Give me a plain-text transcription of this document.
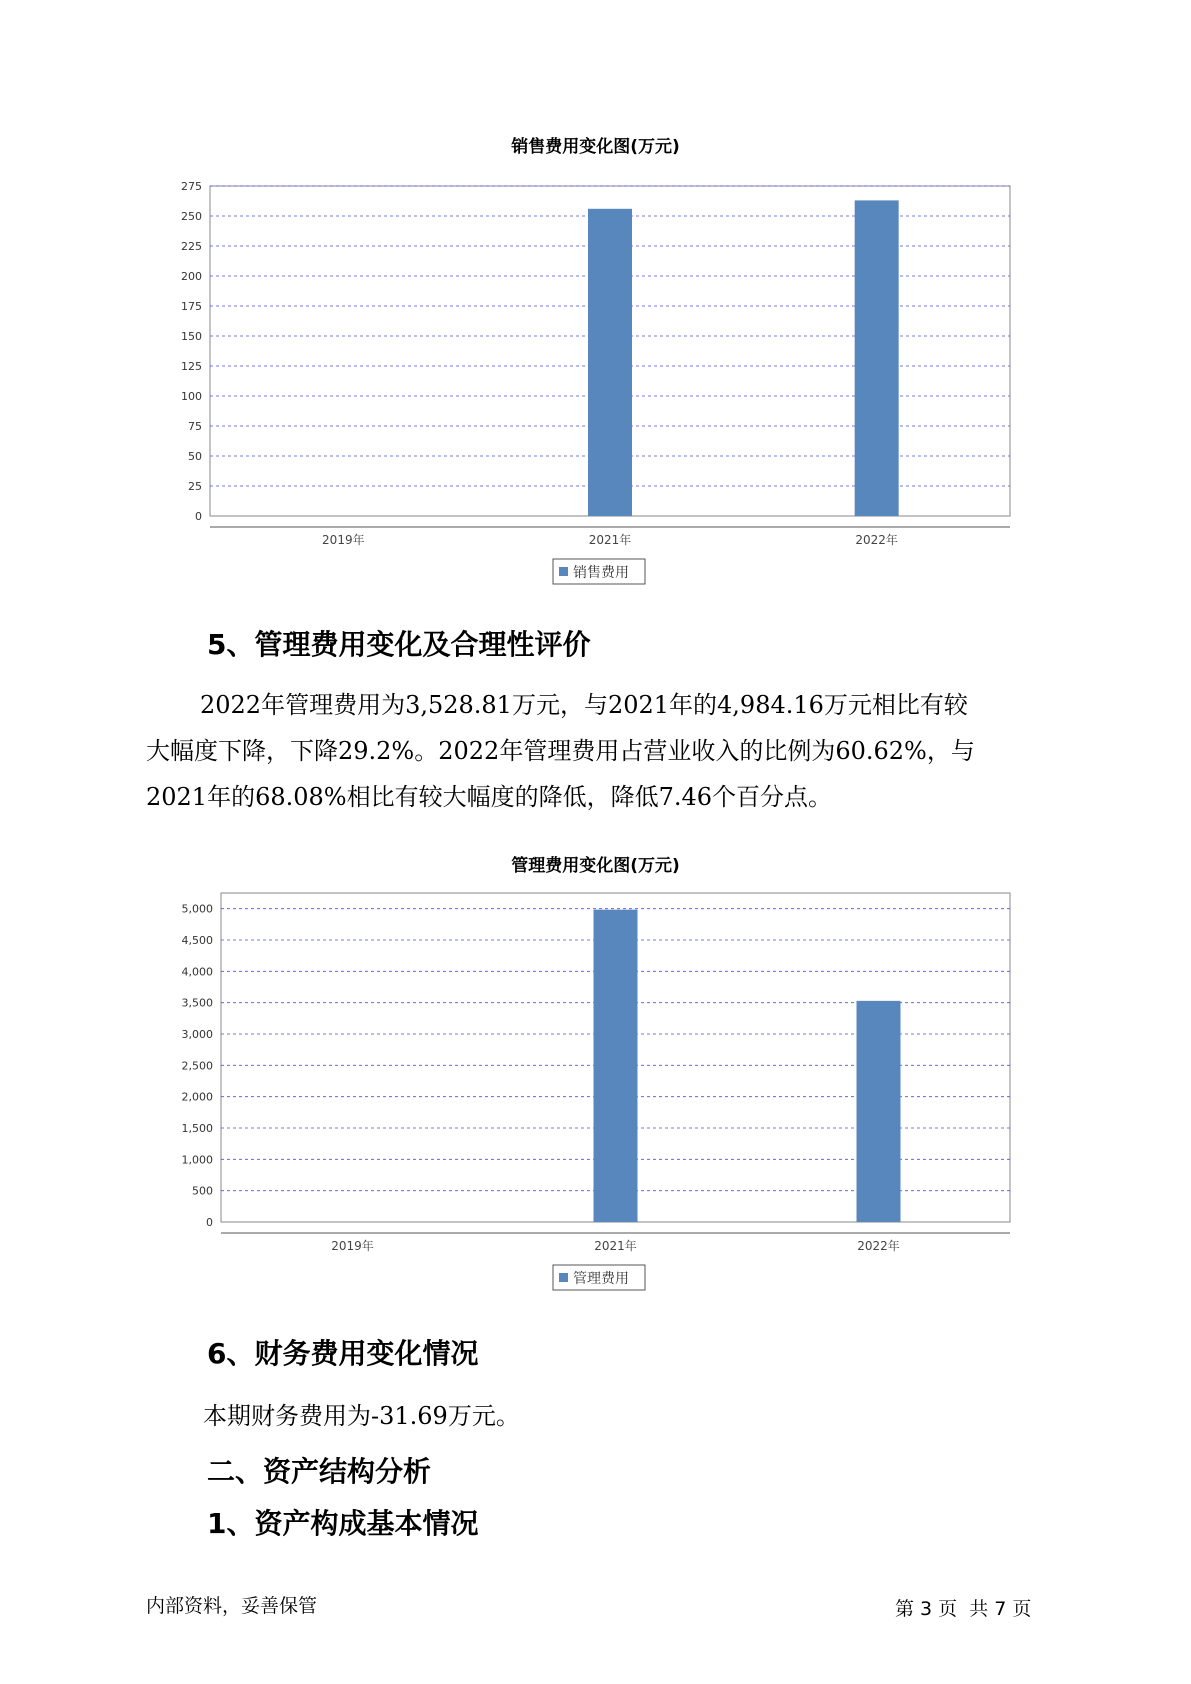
销售费用变化图(万元)
0
25
50
75
100
125
150
175
200
225
250
275
2019年	2021年	2022年
销售费用
5、管理费用变化及合理性评价
2022年管理费用为3,528.81万元，与2021年的4,984.16万元相比有较
大幅度下降，下降29.2%。2022年管理费用占营业收入的比例为60.62%，与
2021年的68.08%相比有较大幅度的降低，降低7.46个百分点。
管理费用变化图(万元)
0
500
1,000
1,500
2,000
2,500
3,000
3,500
4,000
4,500
5,000
2019年	2021年	2022年
管理费用
6、财务费用变化情况
本期财务费用为-31.69万元。
二、资产结构分析
1、资产构成基本情况
内部资料，妥善保管	第 3 页  共 7 页
